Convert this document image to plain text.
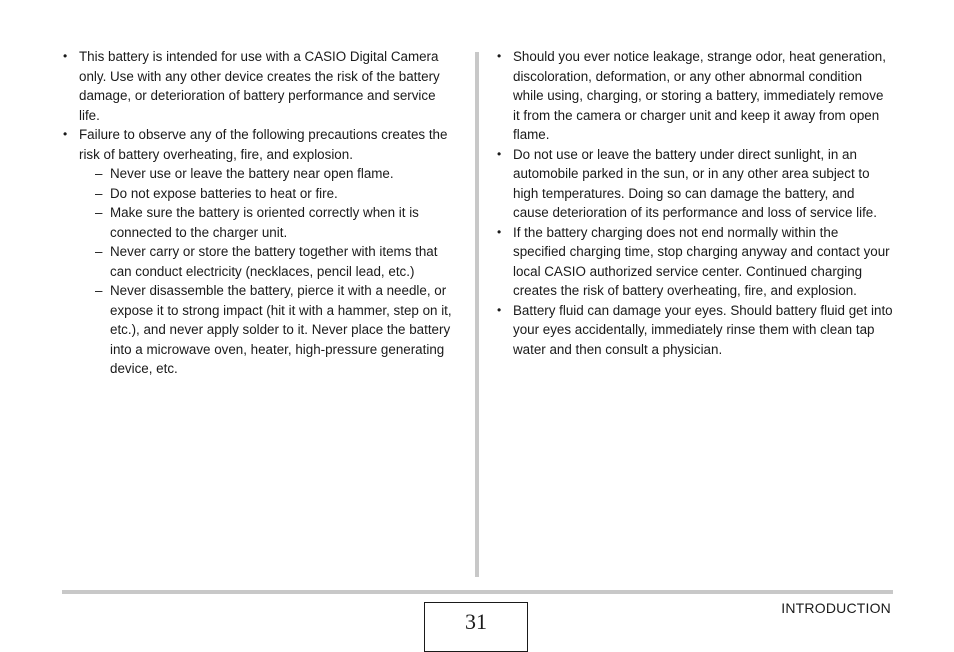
• This battery is intended for use with a CASIO Digital Camera only. Use with any other device creates the risk of the battery damage, or deterioration of battery performance and service life.
• Failure to observe any of the following precautions creates the risk of battery overheating, fire, and explosion.
– Never use or leave the battery near open flame.
– Do not expose batteries to heat or fire.
– Make sure the battery is oriented correctly when it is connected to the charger unit.
– Never carry or store the battery together with items that can conduct electricity (necklaces, pencil lead, etc.)
– Never disassemble the battery, pierce it with a needle, or expose it to strong impact (hit it with a hammer, step on it, etc.), and never apply solder to it. Never place the battery into a microwave oven, heater, high-pressure generating device, etc.
• Should you ever notice leakage, strange odor, heat generation, discoloration, deformation, or any other abnormal condition while using, charging, or storing a battery, immediately remove it from the camera or charger unit and keep it away from open flame.
• Do not use or leave the battery under direct sunlight, in an automobile parked in the sun, or in any other area subject to high temperatures. Doing so can damage the battery, and cause deterioration of its performance and loss of service life.
• If the battery charging does not end normally within the specified charging time, stop charging anyway and contact your local CASIO authorized service center. Continued charging creates the risk of battery overheating, fire, and explosion.
• Battery fluid can damage your eyes. Should battery fluid get into your eyes accidentally, immediately rinse them with clean tap water and then consult a physician.
31
INTRODUCTION
